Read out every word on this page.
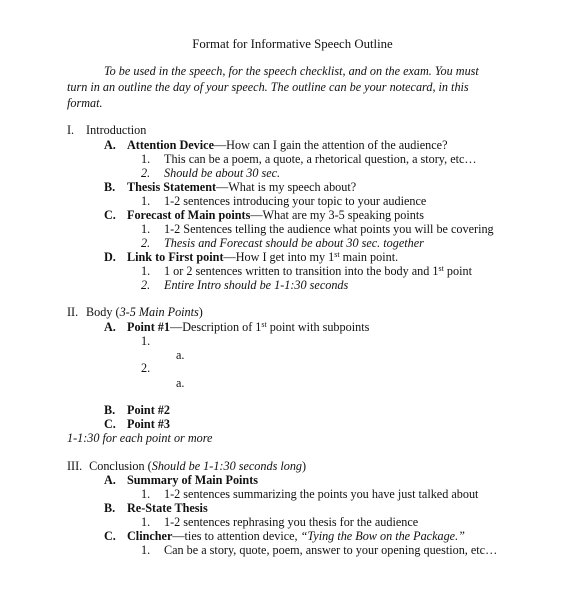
Format for Informative Speech Outline
To be used in the speech, for the speech checklist, and on the exam. You must
turn in an outline the day of your speech. The outline can be your notecard, in this
format.
I. Introduction
A. Attention Device—How can I gain the attention of the audience?
1. This can be a poem, a quote, a rhetorical question, a story, etc…
2. Should be about 30 sec.
B. Thesis Statement—What is my speech about?
1. 1-2 sentences introducing your topic to your audience
C. Forecast of Main points—What are my 3-5 speaking points
1. 1-2 Sentences telling the audience what points you will be covering
2. Thesis and Forecast should be about 30 sec. together
D. Link to First point—How I get into my 1st main point.
1. 1 or 2 sentences written to transition into the body and 1st point
2. Entire Intro should be 1-1:30 seconds
II. Body (3-5 Main Points)
A. Point #1—Description of 1st point with subpoints
1.
a.
2.
a.
B. Point #2
C. Point #3
1-1:30 for each point or more
III. Conclusion (Should be 1-1:30 seconds long)
A. Summary of Main Points
1. 1-2 sentences summarizing the points you have just talked about
B. Re-State Thesis
1. 1-2 sentences rephrasing you thesis for the audience
C. Clincher—ties to attention device, “Tying the Bow on the Package.”
1. Can be a story, quote, poem, answer to your opening question, etc…
